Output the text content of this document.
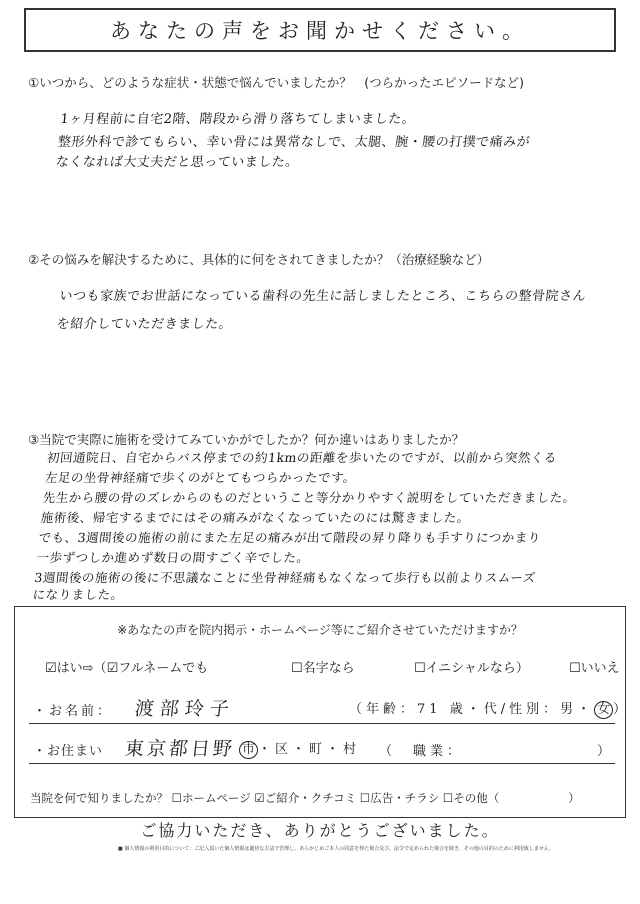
あなたの声をお聞かせください。
①いつから、どのような症状・状態で悩んでいましたか？　(つらかったエピソードなど)
1ヶ月程前に自宅2階、階段から滑り落ちてしまいました。
整形外科で診てもらい、幸い骨には異常なしで、太腿、腕・腰の打撲で痛みが
なくなれば大丈夫だと思っていました。
②その悩みを解決するために、具体的に何をされてきましたか？（治療経験など）
いつも家族でお世話になっている歯科の先生に話しましたところ、こちらの整骨院さん
を紹介していただきました。
③当院で実際に施術を受けてみていかがでしたか？何か違いはありましたか？
初回通院日、自宅からバス停までの約1kmの距離を歩いたのですが、以前から突然くる
左足の坐骨神経痛で歩くのがとてもつらかったです。
先生から腰の骨のズレからのものだということ等分かりやすく説明をしていただきました。
施術後、帰宅するまでにはその痛みがなくなっていたのには驚きました。
でも、3週間後の施術の前にまた左足の痛みが出て階段の昇り降りも手すりにつかまり
一歩ずつしか進めず数日の間すごく辛でした。
3週間後の施術の後に不思議なことに坐骨神経痛もなくなって歩行も以前よりスムーズ
になりました。
※あなたの声を院内掲示・ホームページ等にご紹介させていただけますか？
☑はい⇨（☑フルネームでも	☐名字なら	☐イニシャルなら）	☐いいえ
・お名前： 渡部玲子	（年齢：71 歳・代/性別：男・ 女 ）
・お住まい 東京都日野 市 ・区・町・村 （　職業：	）
当院を何で知りましたか？ ☐ホームページ ☑ご紹介・クチコミ ☐広告・チラシ ☐その他（　　　　　　）
ご協力いただき、ありがとうございました。
■ 個人情報の利用目的について：ご記入頂いた個人情報は適切な方法で管理し、あらかじめご本人の同意を得た場合及び、法令で定められた場合を除き、その他の目的のために利用致しません。
